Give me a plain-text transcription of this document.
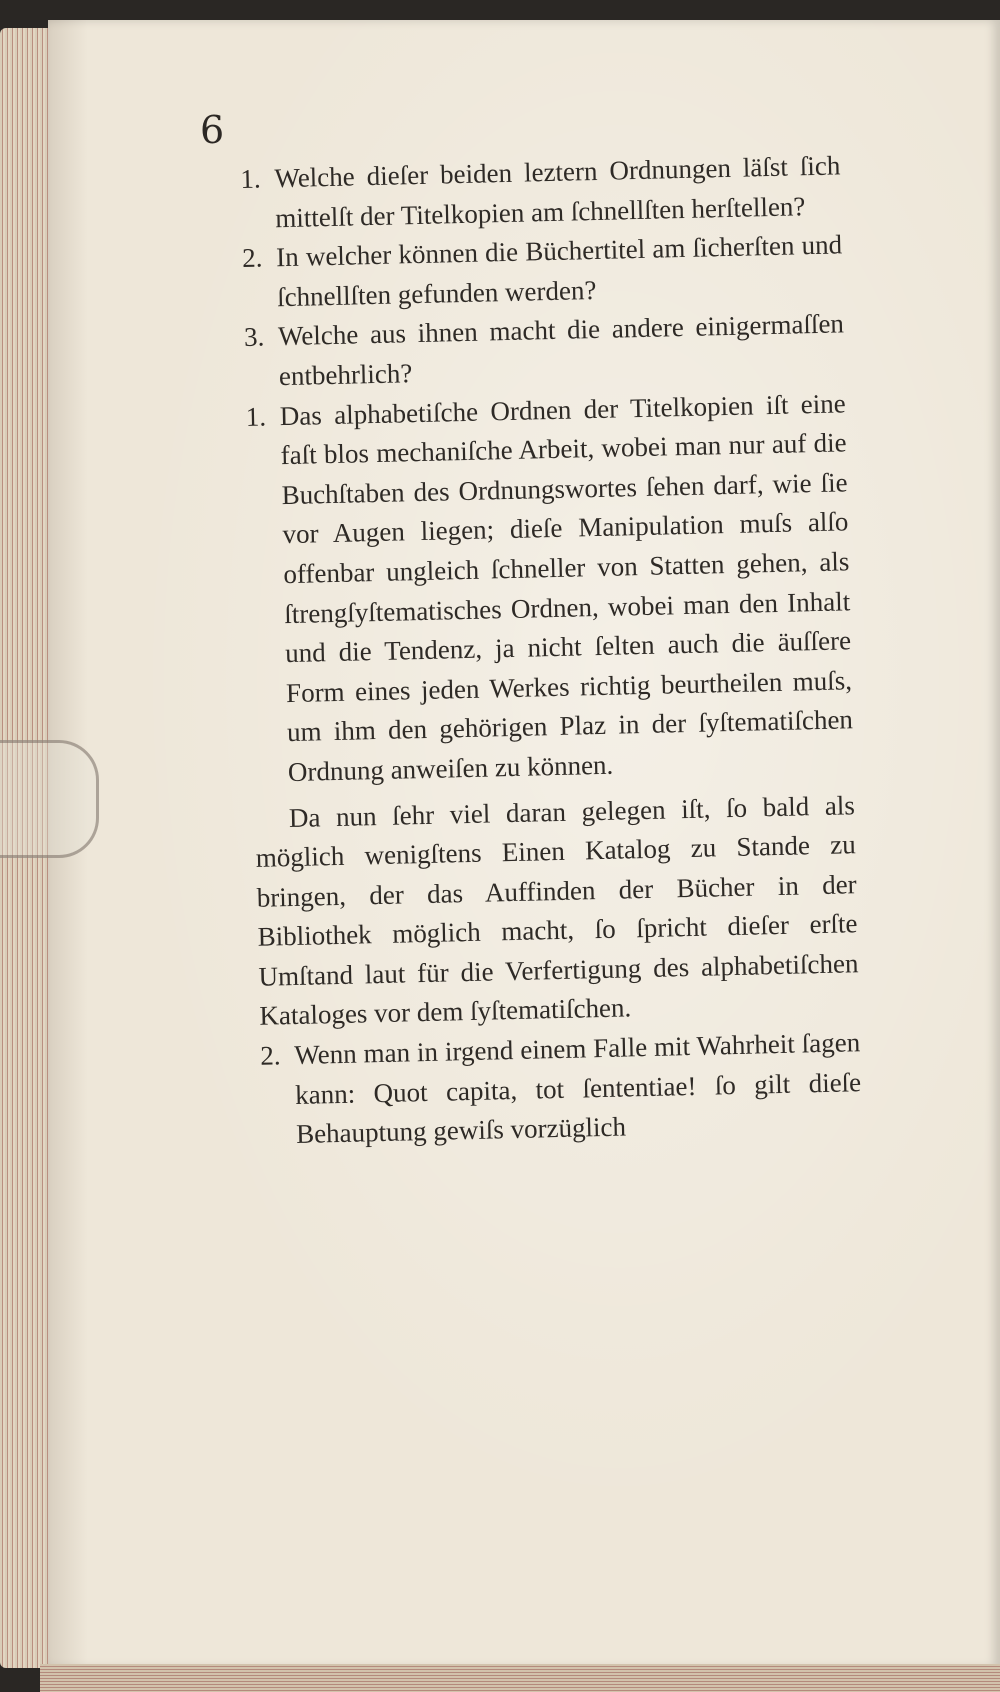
6

1. Welche dieſer beiden leztern Ordnungen läſst ſich mittelſt der Titelkopien am ſchnellſten herſtellen?
2. In welcher können die Büchertitel am ſicherſten und ſchnellſten gefunden werden?
3. Welche aus ihnen macht die andere einigermaſſen entbehrlich?
1. Das alphabetiſche Ordnen der Titelkopien iſt eine faſt blos mechaniſche Arbeit, wobei man nur auf die Buchſtaben des Ordnungswortes ſehen darf, wie ſie vor Augen liegen; dieſe Manipulation muſs alſo offenbar ungleich ſchneller von Statten gehen, als ſtrengſyſtematisches Ordnen, wobei man den Inhalt und die Tendenz, ja nicht ſelten auch die äuſſere Form eines jeden Werkes richtig beurtheilen muſs, um ihm den gehörigen Plaz in der ſyſtematiſchen Ordnung anweiſen zu können.

Da nun ſehr viel daran gelegen iſt, ſo bald als möglich wenigſtens Einen Katalog zu Stande zu bringen, der das Auffinden der Bücher in der Bibliothek möglich macht, ſo ſpricht dieſer erſte Umſtand laut für die Verfertigung des alphabetiſchen Kataloges vor dem ſyſtematiſchen.

2. Wenn man in irgend einem Falle mit Wahrheit ſagen kann: Quot capita, tot ſententiae! ſo gilt dieſe Behauptung gewiſs vorzüglich
